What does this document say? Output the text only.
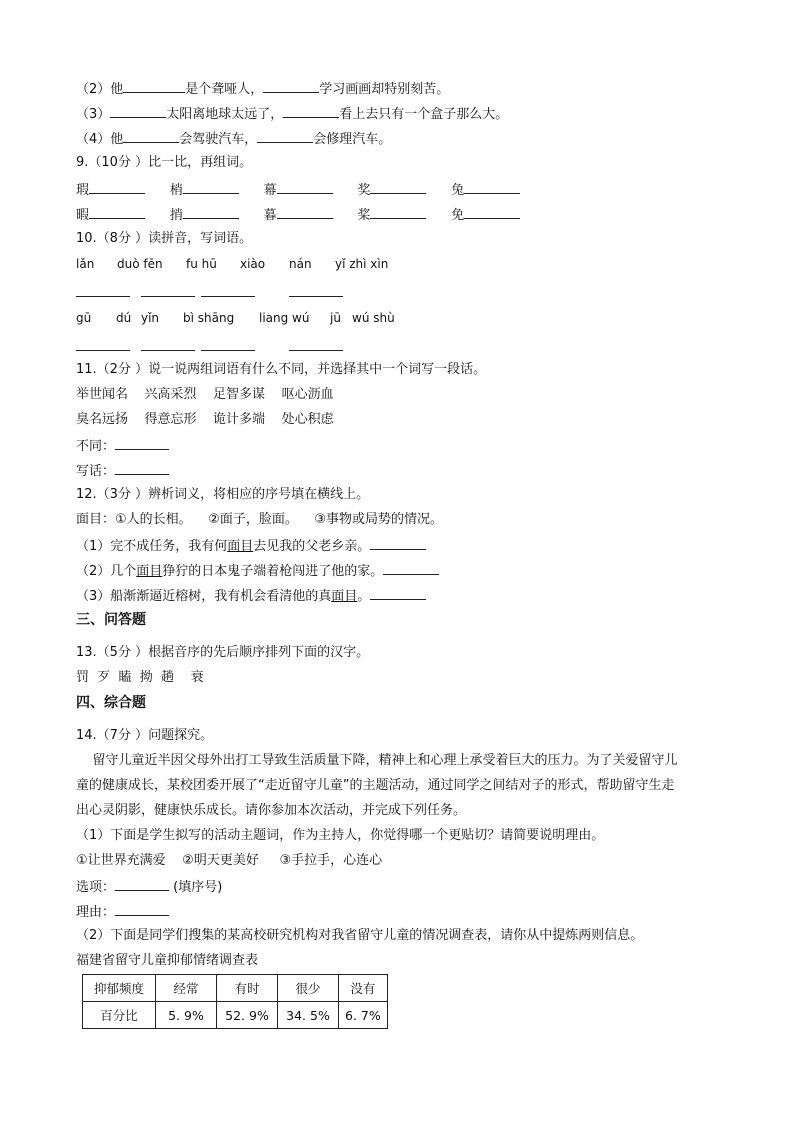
（2）他	是个聋哑人，	学习画画却特别刻苦。
（3）	太阳离地球太远了，	看上去只有一个盒子那么大。
（4）他	会驾驶汽车，	会修理汽车。
9.（10分 ）比一比，再组词。
瑕	梢	幕	奖	兔
暇	捎	暮	桨	免
10.（8分 ）读拼音，写词语。
lǎn duò fēn fu hū xiào nán yǐ zhì xìn
gū dú yǐn bì shāng liang wú jū wú shù
11.（2分 ）说一说两组词语有什么不同，并选择其中一个词写一段话。
举世闻名    兴高采烈    足智多谋    呕心沥血
臭名远扬    得意忘形    诡计多端    处心积虑
不同：
写话：
12.（3分 ）辨析词义，将相应的序号填在横线上。
面目：①人的长相。    ②面子，脸面。    ③事物或局势的情况。
（1）完不成任务，我有何面目去见我的父老乡亲。
（2）几个面目狰狞的日本鬼子端着枪闯进了他的家。
（3）船渐渐逼近榕树，我有机会看清他的真面目。
三、问答题
13.（5分 ）根据音序的先后顺序排列下面的汉字。
罚  歹  瞌  拗  趟    衰
四、综合题
14.（7分 ）问题探究。
留守儿童近半因父母外出打工导致生活质量下降，精神上和心理上承受着巨大的压力。为了关爱留守儿
童的健康成长，某校团委开展了“走近留守儿童”的主题活动，通过同学之间结对子的形式，帮助留守生走
出心灵阴影，健康快乐成长。请你参加本次活动，并完成下列任务。
（1）下面是学生拟写的活动主题词，作为主持人，你觉得哪一个更贴切？请简要说明理由。
①让世界充满爱    ②明天更美好     ③手拉手，心连心
选项：	(填序号)
理由：
（2）下面是同学们搜集的某高校研究机构对我省留守儿童的情况调查表，请你从中提炼两则信息。
福建省留守儿童抑郁情绪调查表
抑郁频度	经常	有时	很少	没有
百分比	5. 9%	52. 9%	34. 5%	6. 7%
